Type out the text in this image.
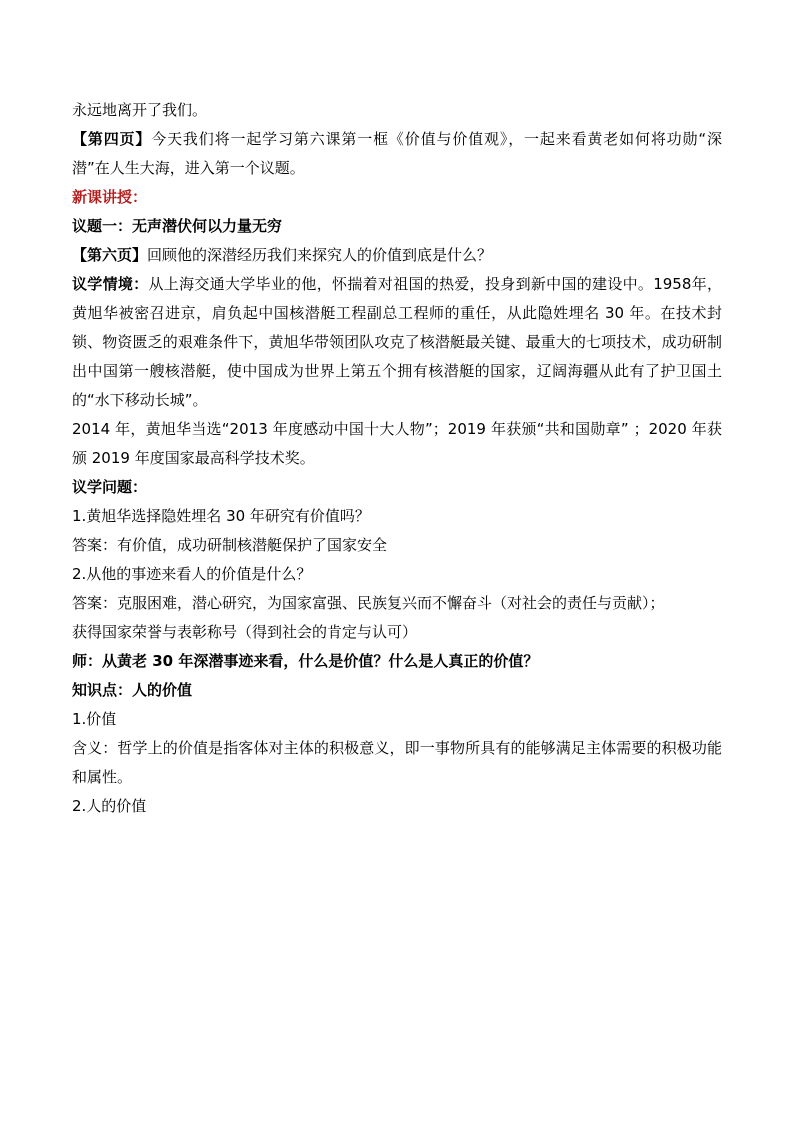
永远地离开了我们。

【第四页】今天我们将一起学习第六课第一框《价值与价值观》，一起来看黄老如何将功勋“深潜”在人生大海，进入第一个议题。

新课讲授：
议题一：无声潜伏何以力量无穷

【第六页】回顾他的深潜经历我们来探究人的价值到底是什么？

议学情境：从上海交通大学毕业的他，怀揣着对祖国的热爱，投身到新中国的建设中。1958年，黄旭华被密召进京，肩负起中国核潜艇工程副总工程师的重任，从此隐姓埋名 30 年。在技术封锁、物资匮乏的艰难条件下，黄旭华带领团队攻克了核潜艇最关键、最重大的七项技术，成功研制出中国第一艘核潜艇，使中国成为世界上第五个拥有核潜艇的国家，辽阔海疆从此有了护卫国土的“水下移动长城”。

2014 年，黄旭华当选“2013 年度感动中国十大人物”；2019 年获颁“共和国勋章” ；2020 年获颁 2019 年度国家最高科学技术奖。

议学问题：
1.黄旭华选择隐姓埋名 30 年研究有价值吗？
答案：有价值，成功研制核潜艇保护了国家安全
2.从他的事迹来看人的价值是什么？
答案：克服困难，潜心研究，为国家富强、民族复兴而不懈奋斗（对社会的责任与贡献）；
获得国家荣誉与表彰称号（得到社会的肯定与认可）
师：从黄老 30 年深潜事迹来看，什么是价值？什么是人真正的价值？
知识点：人的价值
1.价值

含义：哲学上的价值是指客体对主体的积极意义，即一事物所具有的能够满足主体需要的积极功能和属性。

2.人的价值
